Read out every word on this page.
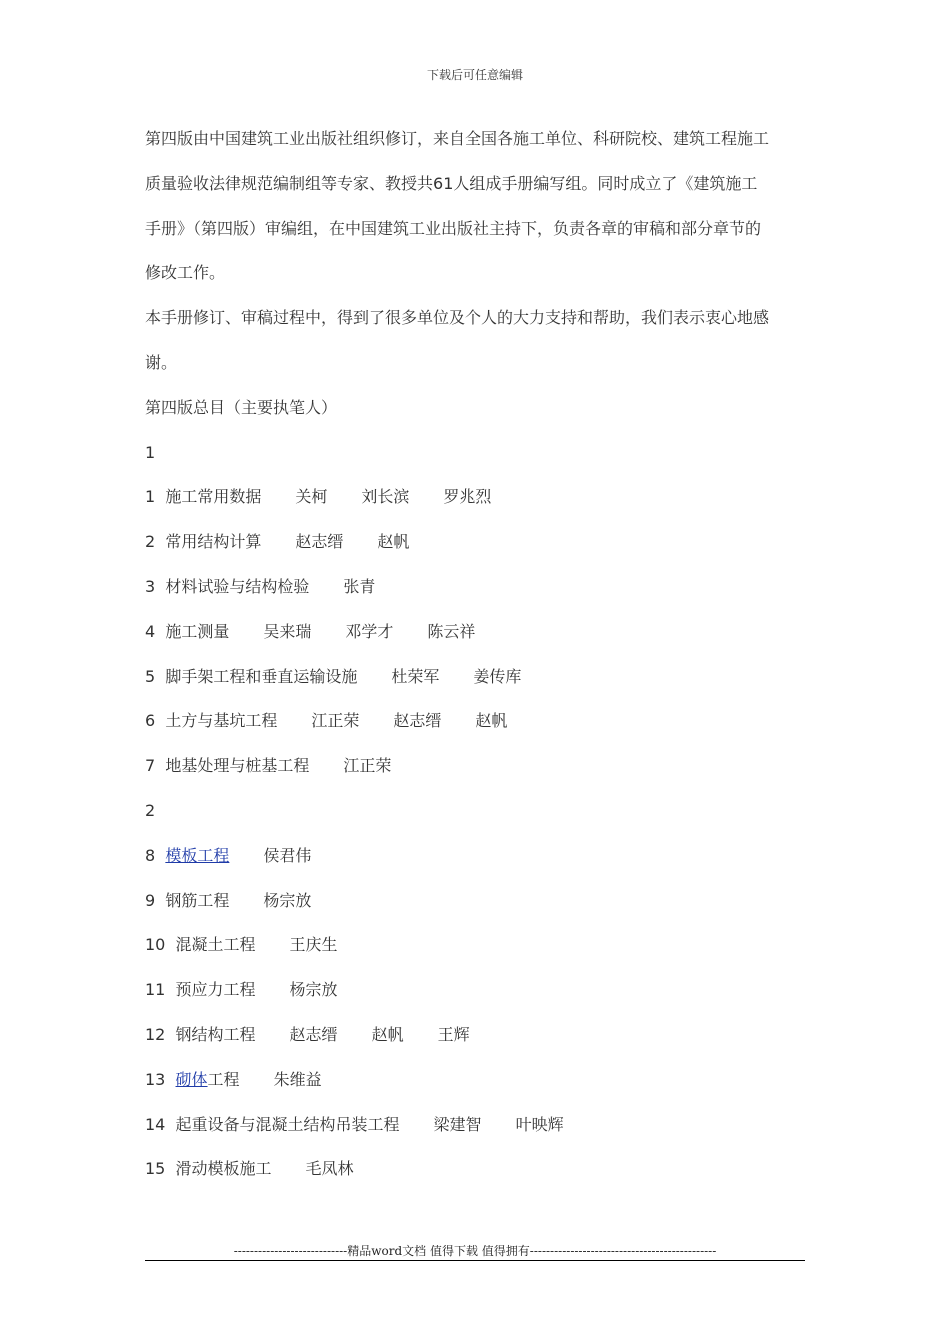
下载后可任意编辑

第四版由中国建筑工业出版社组织修订，来自全国各施工单位、科研院校、建筑工程施工

质量验收法律规范编制组等专家、教授共61人组成手册编写组。同时成立了《建筑施工

手册》（第四版）审编组，在中国建筑工业出版社主持下，负责各章的审稿和部分章节的

修改工作。

本手册修订、审稿过程中，得到了很多单位及个人的大力支持和帮助，我们表示衷心地感

谢。

第四版总目（主要执笔人）

1

1 施工常用数据 关柯 刘长滨 罗兆烈

2 常用结构计算 赵志缙 赵帆

3 材料试验与结构检验 张青

4 施工测量 吴来瑞 邓学才 陈云祥

5 脚手架工程和垂直运输设施 杜荣军 姜传库

6 土方与基坑工程 江正荣 赵志缙 赵帆

7 地基处理与桩基工程 江正荣

2

8 模板工程 侯君伟

9 钢筋工程 杨宗放

10 混凝土工程 王庆生

11 预应力工程 杨宗放

12 钢结构工程 赵志缙 赵帆 王辉

13 砌体工程 朱维益

14 起重设备与混凝土结构吊装工程 梁建智 叶映辉

15 滑动模板施工 毛凤林

----------------------------精品word文档 值得下载 值得拥有----------------------------------------------
